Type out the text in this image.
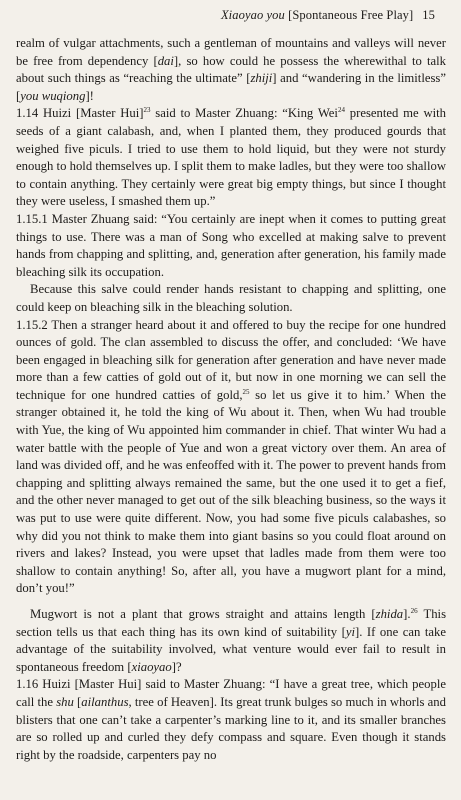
Xiaoyao you [Spontaneous Free Play] 15

realm of vulgar attachments, such a gentleman of mountains and valleys will never be free from dependency [dai], so how could he possess the wherewithal to talk about such things as “reaching the ultimate” [zhiji] and “wandering in the limitless” [you wuqiong]!

1.14 Huizi [Master Hui]$^{23}$ said to Master Zhuang: “King Wei$^{24}$ presented me with seeds of a giant calabash, and, when I planted them, they produced gourds that weighed five piculs. I tried to use them to hold liquid, but they were not sturdy enough to hold themselves up. I split them to make ladles, but they were too shallow to contain anything. They certainly were great big empty things, but since I thought they were useless, I smashed them up.”

1.15.1 Master Zhuang said: “You certainly are inept when it comes to putting great things to use. There was a man of Song who excelled at making salve to prevent hands from chapping and splitting, and, generation after generation, his family made bleaching silk its occupation.

Because this salve could render hands resistant to chapping and splitting, one could keep on bleaching silk in the bleaching solution.

1.15.2 Then a stranger heard about it and offered to buy the recipe for one hundred ounces of gold. The clan assembled to discuss the offer, and concluded: ‘We have been engaged in bleaching silk for generation after generation and have never made more than a few catties of gold out of it, but now in one morning we can sell the technique for one hundred catties of gold,$^{25}$ so let us give it to him.’ When the stranger obtained it, he told the king of Wu about it. Then, when Wu had trouble with Yue, the king of Wu appointed him commander in chief. That winter Wu had a water battle with the people of Yue and won a great victory over them. An area of land was divided off, and he was enfeoffed with it. The power to prevent hands from chapping and splitting always remained the same, but the one used it to get a fief, and the other never managed to get out of the silk bleaching business, so the ways it was put to use were quite different. Now, you had some five piculs calabashes, so why did you not think to make them into giant basins so you could float around on rivers and lakes? Instead, you were upset that ladles made from them were too shallow to contain anything! So, after all, you have a mugwort plant for a mind, don’t you!”

Mugwort is not a plant that grows straight and attains length [zhida].$^{26}$ This section tells us that each thing has its own kind of suitability [yi]. If one can take advantage of the suitability involved, what venture would ever fail to result in spontaneous freedom [xiaoyao]?

1.16 Huizi [Master Hui] said to Master Zhuang: “I have a great tree, which people call the shu [ailanthus, tree of Heaven]. Its great trunk bulges so much in whorls and blisters that one can’t take a carpenter’s marking line to it, and its smaller branches are so rolled up and curled they defy compass and square. Even though it stands right by the roadside, carpenters pay no
